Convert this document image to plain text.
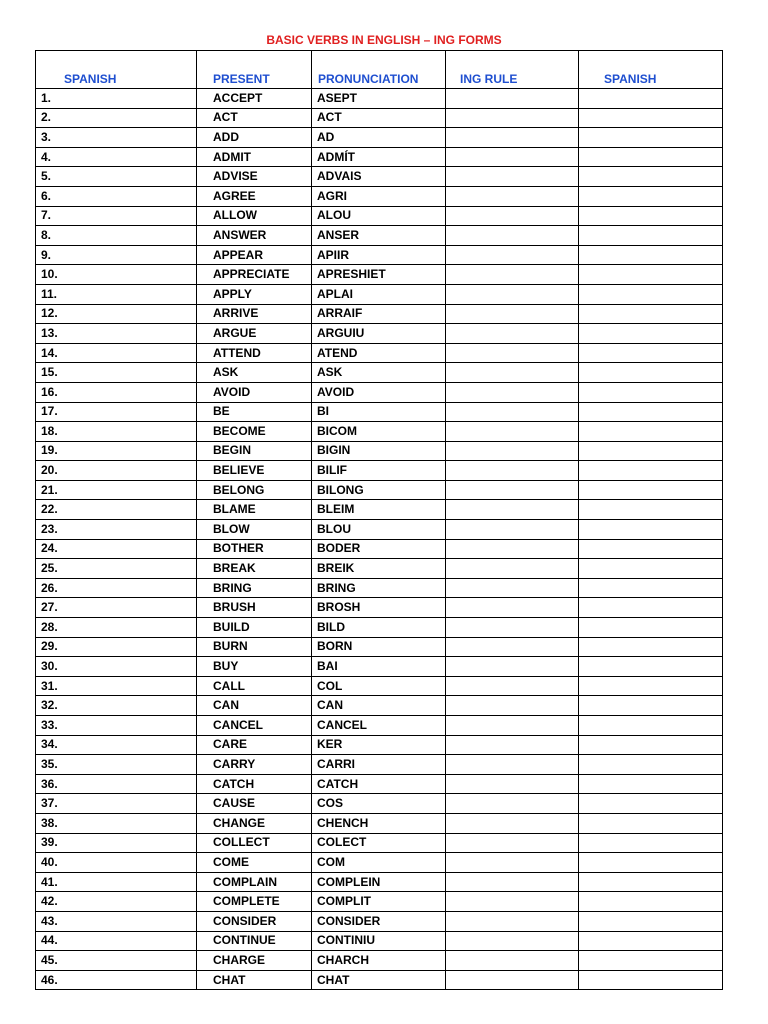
BASIC VERBS IN ENGLISH – ING FORMS
SPANISH	PRESENT	PRONUNCIATION	ING RULE	SPANISH
1.	ACCEPT	ASEPT		
2.	ACT	ACT		
3.	ADD	AD		
4.	ADMIT	ADMÍT		
5.	ADVISE	ADVAIS		
6.	AGREE	AGRI		
7.	ALLOW	ALOU		
8.	ANSWER	ANSER		
9.	APPEAR	APIIR		
10.	APPRECIATE	APRESHIET		
11.	APPLY	APLAI		
12.	ARRIVE	ARRAIF		
13.	ARGUE	ARGUIU		
14.	ATTEND	ATEND		
15.	ASK	ASK		
16.	AVOID	AVOID		
17.	BE	BI		
18.	BECOME	BICOM		
19.	BEGIN	BIGIN		
20.	BELIEVE	BILIF		
21.	BELONG	BILONG		
22.	BLAME	BLEIM		
23.	BLOW	BLOU		
24.	BOTHER	BODER		
25.	BREAK	BREIK		
26.	BRING	BRING		
27.	BRUSH	BROSH		
28.	BUILD	BILD		
29.	BURN	BORN		
30.	BUY	BAI		
31.	CALL	COL		
32.	CAN	CAN		
33.	CANCEL	CANCEL		
34.	CARE	KER		
35.	CARRY	CARRI		
36.	CATCH	CATCH		
37.	CAUSE	COS		
38.	CHANGE	CHENCH		
39.	COLLECT	COLECT		
40.	COME	COM		
41.	COMPLAIN	COMPLEIN		
42.	COMPLETE	COMPLIT		
43.	CONSIDER	CONSIDER		
44.	CONTINUE	CONTINIU		
45.	CHARGE	CHARCH		
46.	CHAT	CHAT		
